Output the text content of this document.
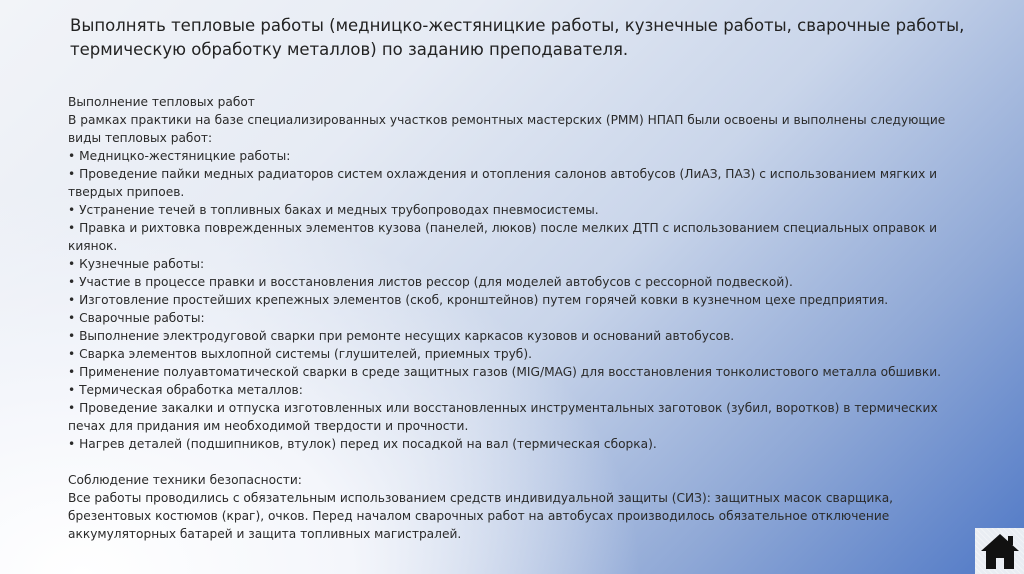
Выполнять тепловые работы (медницко-жестяницкие работы, кузнечные работы, сварочные работы, термическую обработку металлов) по заданию преподавателя.

Выполнение тепловых работ

В рамках практики на базе специализированных участков ремонтных мастерских (РММ) НПАП были освоены и выполнены следующие виды тепловых работ:

• Медницко-жестяницкие работы:

• Проведение пайки медных радиаторов систем охлаждения и отопления салонов автобусов (ЛиАЗ, ПАЗ) с использованием мягких и твердых припоев.

• Устранение течей в топливных баках и медных трубопроводах пневмосистемы.

• Правка и рихтовка поврежденных элементов кузова (панелей, люков) после мелких ДТП с использованием специальных оправок и киянок.

• Кузнечные работы:

• Участие в процессе правки и восстановления листов рессор (для моделей автобусов с рессорной подвеской).

• Изготовление простейших крепежных элементов (скоб, кронштейнов) путем горячей ковки в кузнечном цехе предприятия.

• Сварочные работы:

• Выполнение электродуговой сварки при ремонте несущих каркасов кузовов и оснований автобусов.

• Сварка элементов выхлопной системы (глушителей, приемных труб).

• Применение полуавтоматической сварки в среде защитных газов (MIG/MAG) для восстановления тонколистового металла обшивки.

• Термическая обработка металлов:

• Проведение закалки и отпуска изготовленных или восстановленных инструментальных заготовок (зубил, воротков) в термических печах для придания им необходимой твердости и прочности.

• Нагрев деталей (подшипников, втулок) перед их посадкой на вал (термическая сборка).

Соблюдение техники безопасности:

Все работы проводились с обязательным использованием средств индивидуальной защиты (СИЗ): защитных масок сварщика, брезентовых костюмов (краг), очков. Перед началом сварочных работ на автобусах производилось обязательное отключение аккумуляторных батарей и защита топливных магистралей.
